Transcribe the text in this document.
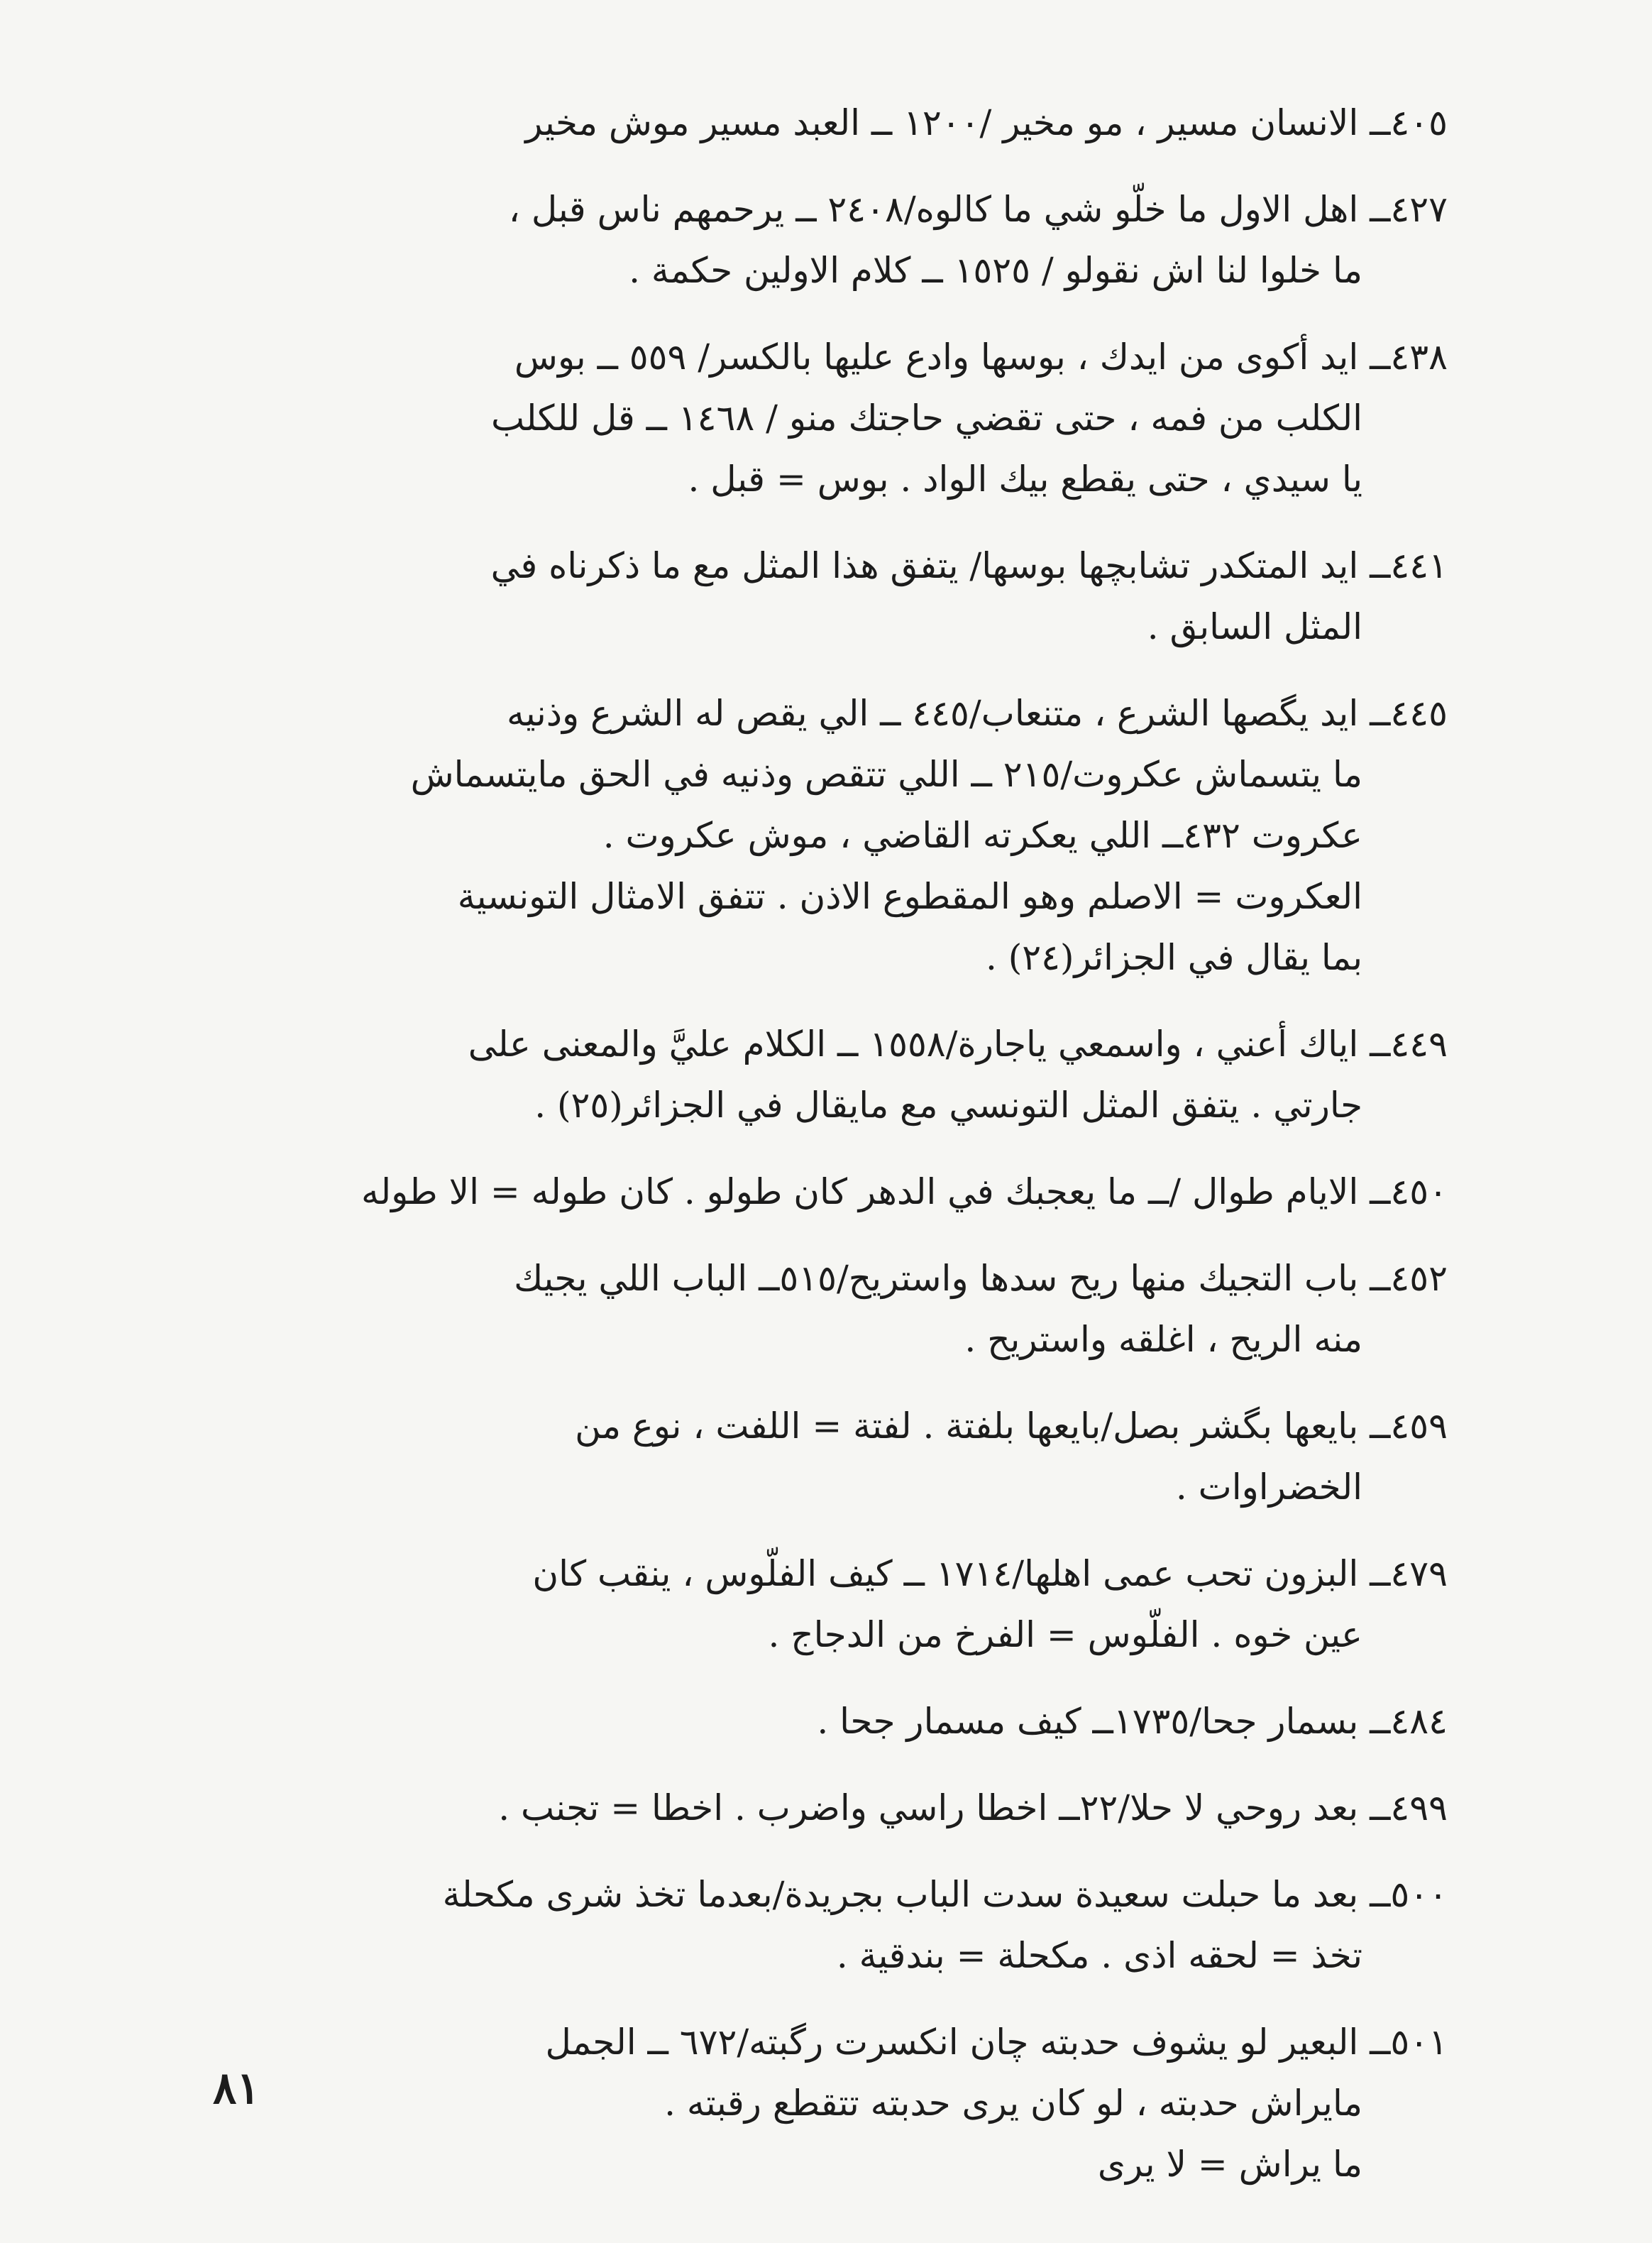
٤٠٥ــ الانسان مسير ، مو مخير /١٢٠٠ ــ العبد مسير موش مخير
٤٢٧ــ اهل الاول ما خلّو شي ما كالوه/٢٤٠٨ ــ يرحمهم ناس قبل ،
ما خلوا لنا اش نقولو / ١٥٢٥ ــ كلام الاولين حكمة .
٤٣٨ــ ايد أكوى من ايدك ، بوسها وادع عليها بالكسر/ ٥٥٩ ــ بوس
الكلب من فمه ، حتى تقضي حاجتك منو / ١٤٦٨ ــ قل للكلب
يا سيدي ، حتى يقطع بيك الواد . بوس = قبل .
٤٤١ــ ايد المتكدر تشابچها بوسها/ يتفق هذا المثل مع ما ذكرناه في
المثل السابق .
٤٤٥ــ ايد يگصها الشرع ، متنعاب/٤٤٥ ــ الي يقص له الشرع وذنيه
ما يتسماش عكروت/٢١٥ ــ اللي تتقص وذنيه في الحق مايتسماش
عكروت ٤٣٢ــ اللي يعكرته القاضي ، موش عكروت .
العكروت = الاصلم وهو المقطوع الاذن . تتفق الامثال التونسية
بما يقال في الجزائر(٢٤) .
٤٤٩ــ اياك أعني ، واسمعي ياجارة/١٥٥٨ ــ الكلام عليَّ والمعنى على
جارتي . يتفق المثل التونسي مع مايقال في الجزائر(٢٥) .
٤٥٠ــ الايام طوال /ــ ما يعجبك في الدهر كان طولو . كان طوله = الا طوله
٤٥٢ــ باب التجيك منها ريح سدها واستريح/٥١٥ــ الباب اللي يجيك
منه الريح ، اغلقه واستريح .
٤٥٩ــ بايعها بگشر بصل/بايعها بلفتة . لفتة = اللفت ، نوع من
الخضراوات .
٤٧٩ــ البزون تحب عمى اهلها/١٧١٤ ــ كيف الفلّوس ، ينقب كان
عين خوه . الفلّوس = الفرخ من الدجاج .
٤٨٤ــ بسمار جحا/١٧٣٥ــ كيف مسمار جحا .
٤٩٩ــ بعد روحي لا حلا/٢٢ــ اخطا راسي واضرب . اخطا = تجنب .
٥٠٠ــ بعد ما حبلت سعيدة سدت الباب بجريدة/بعدما تخذ شرى مكحلة
تخذ = لحقه اذى . مكحلة = بندقية .
٥٠١ــ البعير لو يشوف حدبته چان انكسرت رگبته/٦٧٢ ــ الجمل
مايراش حدبته ، لو كان يرى حدبته تتقطع رقبته .
ما يراش = لا يرى
٨١
